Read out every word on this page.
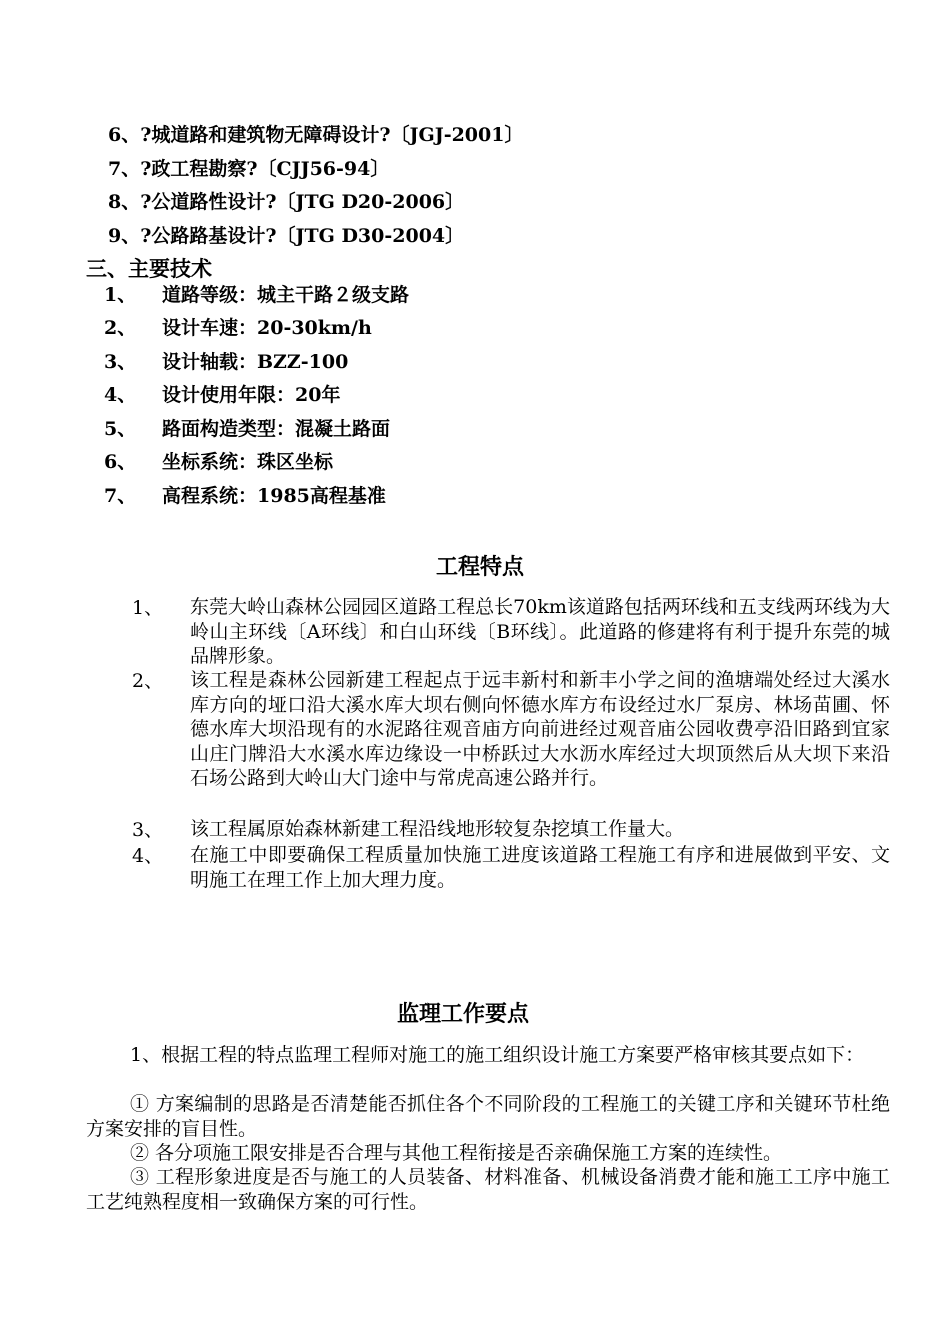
6、?城道路和建筑物无障碍设计?〔JGJ-2001〕
7、?政工程勘察?〔CJJ56-94〕
8、?公道路性设计?〔JTG D20-2006〕
9、?公路路基设计?〔JTG D30-2004〕
三、主要技术
1、 道路等级：城主干路２级支路
2、 设计车速：20-30km/h
3、 设计轴载：BZZ-100
4、 设计使用年限：20年
5、 路面构造类型：混凝土路面
6、 坐标系统：珠区坐标
7、 高程系统：1985高程基准
工程特点
1、 东莞大岭山森林公园园区道路工程总长70km该道路包括两环线和五支线两环线为大岭山主环线〔A环线〕和白山环线〔B环线〕。此道路的修建将有利于提升东莞的城品牌形象。
2、 该工程是森林公园新建工程起点于远丰新村和新丰小学之间的渔塘端处经过大溪水库方向的垭口沿大溪水库大坝右侧向怀德水库方布设经过水厂泵房、林场苗圃、怀德水库大坝沿现有的水泥路往观音庙方向前进经过观音庙公园收费亭沿旧路到宜家山庄门牌沿大水溪水库边缘设一中桥跃过大水沥水库经过大坝顶然后从大坝下来沿石场公路到大岭山大门途中与常虎高速公路并行。
3、 该工程属原始森林新建工程沿线地形较复杂挖填工作量大。
4、 在施工中即要确保工程质量加快施工进度该道路工程施工有序和进展做到平安、文明施工在理工作上加大理力度。
监理工作要点
1、根据工程的特点监理工程师对施工的施工组织设计施工方案要严格审核其要点如下：
① 方案编制的思路是否清楚能否抓住各个不同阶段的工程施工的关键工序和关键环节杜绝方案安排的盲目性。
② 各分项施工限安排是否合理与其他工程衔接是否亲确保施工方案的连续性。
③ 工程形象进度是否与施工的人员装备、材料准备、机械设备消费才能和施工工序中施工工艺纯熟程度相一致确保方案的可行性。
